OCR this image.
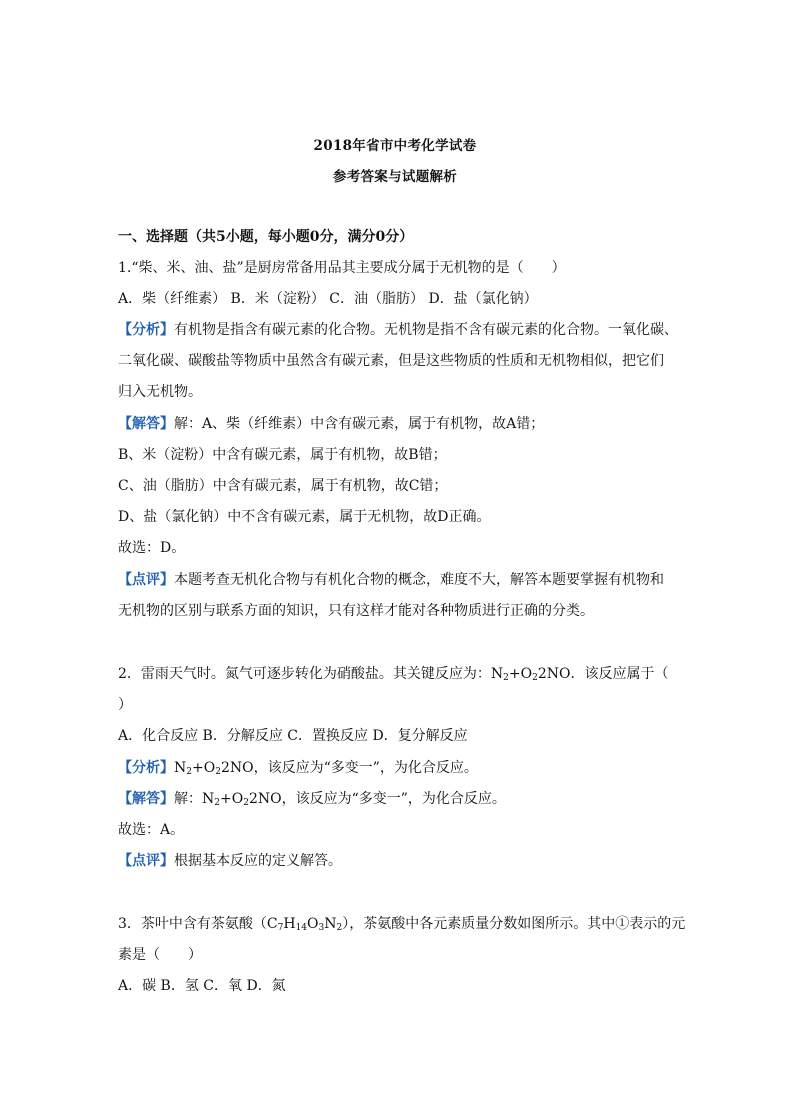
2018年省市中考化学试卷
参考答案与试题解析
一、选择题（共5小题，每小题0分，满分0分）
1.“柴、米、油、盐”是厨房常备用品其主要成分属于无机物的是（　　）
A．柴（纤维素） B．米（淀粉） C．油（脂肪） D．盐（氯化钠）
【分析】有机物是指含有碳元素的化合物。无机物是指不含有碳元素的化合物。一氧化碳、
二氧化碳、碳酸盐等物质中虽然含有碳元素，但是这些物质的性质和无机物相似，把它们
归入无机物。
【解答】解：A、柴（纤维素）中含有碳元素，属于有机物，故A错；
B、米（淀粉）中含有碳元素，属于有机物，故B错；
C、油（脂肪）中含有碳元素，属于有机物，故C错；
D、盐（氯化钠）中不含有碳元素，属于无机物，故D正确。
故选：D。
【点评】本题考查无机化合物与有机化合物的概念，难度不大，解答本题要掌握有机物和
无机物的区别与联系方面的知识，只有这样才能对各种物质进行正确的分类。
2．雷雨天气时。氮气可逐步转化为硝酸盐。其关键反应为：$N_2+O_22NO$．该反应属于（
）
A．化合反应 B．分解反应 C．置换反应 D．复分解反应
【分析】$N_2+O_22NO$，该反应为“多变一”，为化合反应。
【解答】解：$N_2+O_22NO$，该反应为“多变一”，为化合反应。
故选：A。
【点评】根据基本反应的定义解答。
3．茶叶中含有茶氨酸$(C_7H_{14}O_3N_2)$，茶氨酸中各元素质量分数如图所示。其中①表示的元
素是（　　）
A．碳 B．氢 C．氧 D．氮
